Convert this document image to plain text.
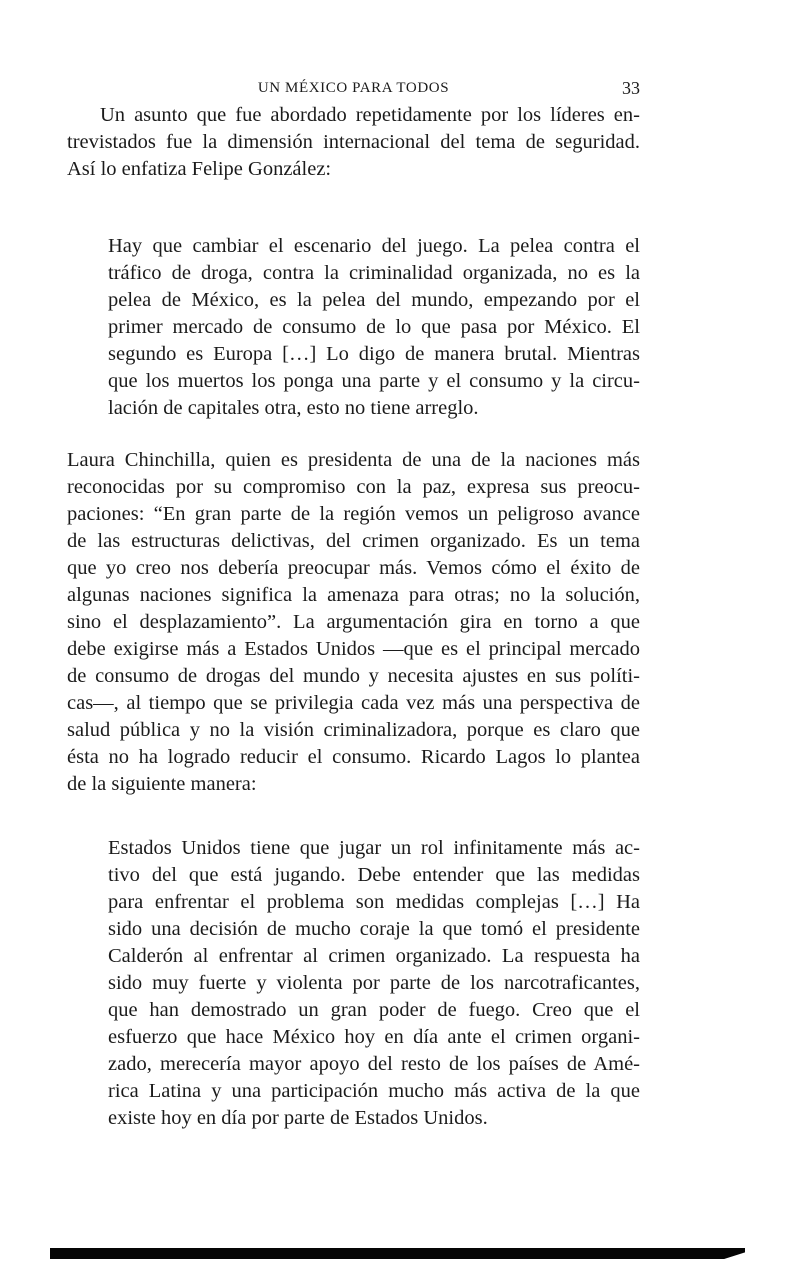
UN MÉXICO PARA TODOS	33
Un asunto que fue abordado repetidamente por los líderes en-
trevistados fue la dimensión internacional del tema de seguridad.
Así lo enfatiza Felipe González:
Hay que cambiar el escenario del juego. La pelea contra el
tráfico de droga, contra la criminalidad organizada, no es la
pelea de México, es la pelea del mundo, empezando por el
primer mercado de consumo de lo que pasa por México. El
segundo es Europa […] Lo digo de manera brutal. Mientras
que los muertos los ponga una parte y el consumo y la circu-
lación de capitales otra, esto no tiene arreglo.
Laura Chinchilla, quien es presidenta de una de la naciones más
reconocidas por su compromiso con la paz, expresa sus preocu-
paciones: “En gran parte de la región vemos un peligroso avance
de las estructuras delictivas, del crimen organizado. Es un tema
que yo creo nos debería preocupar más. Vemos cómo el éxito de
algunas naciones significa la amenaza para otras; no la solución,
sino el desplazamiento”. La argumentación gira en torno a que
debe exigirse más a Estados Unidos —que es el principal mercado
de consumo de drogas del mundo y necesita ajustes en sus políti-
cas—, al tiempo que se privilegia cada vez más una perspectiva de
salud pública y no la visión criminalizadora, porque es claro que
ésta no ha logrado reducir el consumo. Ricardo Lagos lo plantea
de la siguiente manera:
Estados Unidos tiene que jugar un rol infinitamente más ac-
tivo del que está jugando. Debe entender que las medidas
para enfrentar el problema son medidas complejas […] Ha
sido una decisión de mucho coraje la que tomó el presidente
Calderón al enfrentar al crimen organizado. La respuesta ha
sido muy fuerte y violenta por parte de los narcotraficantes,
que han demostrado un gran poder de fuego. Creo que el
esfuerzo que hace México hoy en día ante el crimen organi-
zado, merecería mayor apoyo del resto de los países de Amé-
rica Latina y una participación mucho más activa de la que
existe hoy en día por parte de Estados Unidos.
